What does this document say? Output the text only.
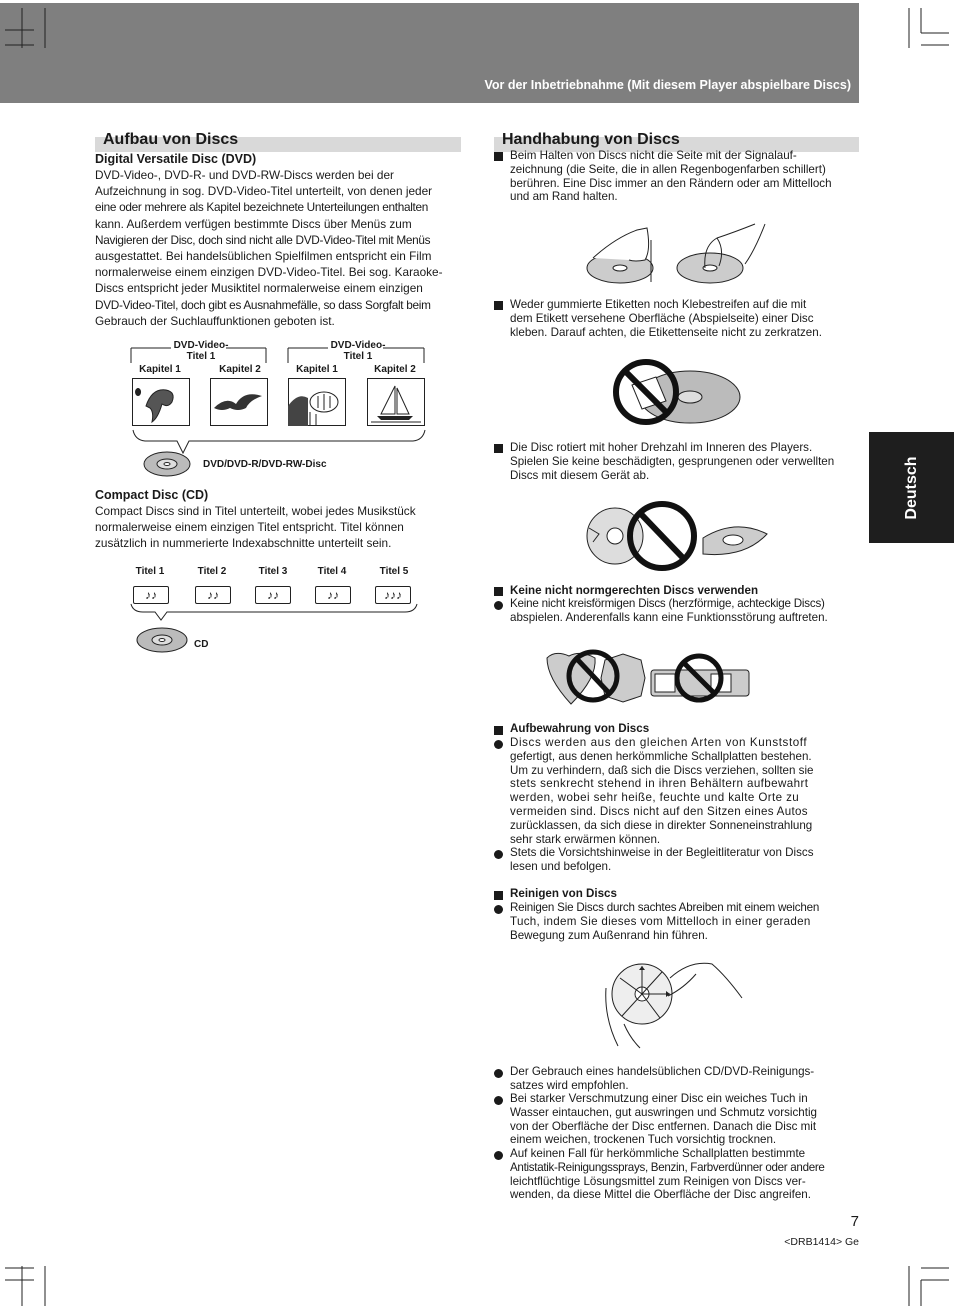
Vor der Inbetriebnahme (Mit diesem Player abspielbare Discs)
Deutsch
Aufbau von Discs
Digital Versatile Disc (DVD)
DVD-Video-, DVD-R- und DVD-RW-Discs werden bei der
Aufzeichnung in sog. DVD-Video-Titel unterteilt, von denen jeder
eine oder mehrere als Kapitel bezeichnete Unterteilungen enthalten
kann. Außerdem verfügen bestimmte Discs über Menüs zum
Navigieren der Disc, doch sind nicht alle DVD-Video-Titel mit Menüs
ausgestattet. Bei handelsüblichen Spielfilmen entspricht ein Film
normalerweise einem einzigen DVD-Video-Titel. Bei sog. Karaoke-
Discs entspricht jeder Musiktitel normalerweise einem einzigen
DVD-Video-Titel, doch gibt es Ausnahmefälle, so dass Sorgfalt beim
Gebrauch der Suchlauffunktionen geboten ist.
DVD-Video-
Titel 1
DVD-Video-
Titel 1
Kapitel 1	Kapitel 2	Kapitel 1	Kapitel 2
DVD/DVD-R/DVD-RW-Disc
Compact Disc (CD)
Compact Discs sind in Titel unterteilt, wobei jedes Musikstück
normalerweise einem einzigen Titel entspricht. Titel können
zusätzlich in nummerierte Indexabschnitte unterteilt sein.
Titel 1	Titel 2	Titel 3	Titel 4	Titel 5
♪♪	♪♪	♪♪	♪♪	♪♪♪
CD
Handhabung von Discs
Beim Halten von Discs nicht die Seite mit der Signalauf-
zeichnung (die Seite, die in allen Regenbogenfarben schillert)
berühren. Eine Disc immer an den Rändern oder am Mittelloch
und am Rand halten.
Weder gummierte Etiketten noch Klebestreifen auf die mit
dem Etikett versehene Oberfläche (Abspielseite) einer Disc
kleben. Darauf achten, die Etikettenseite nicht zu zerkratzen.
Die Disc rotiert mit hoher Drehzahl im Inneren des Players.
Spielen Sie keine beschädigten, gesprungenen oder verwellten
Discs mit diesem Gerät ab.
Keine nicht normgerechten Discs verwenden
Keine nicht kreisförmigen Discs (herzförmige, achteckige Discs)
abspielen. Anderenfalls kann eine Funktionsstörung auftreten.
Aufbewahrung von Discs
Discs werden aus den gleichen Arten von Kunststoff
gefertigt, aus denen herkömmliche Schallplatten bestehen.
Um zu verhindern, daß sich die Discs verziehen, sollten sie
stets senkrecht stehend in ihren Behältern aufbewahrt
werden, wobei sehr heiße, feuchte und kalte Orte zu
vermeiden sind. Discs nicht auf den Sitzen eines Autos
zurücklassen, da sich diese in direkter Sonneneinstrahlung
sehr stark erwärmen können.
Stets die Vorsichtshinweise in der Begleitliteratur von Discs
lesen und befolgen.
Reinigen von Discs
Reinigen Sie Discs durch sachtes Abreiben mit einem weichen
Tuch, indem Sie dieses vom Mittelloch in einer geraden
Bewegung zum Außenrand hin führen.
Der Gebrauch eines handelsüblichen CD/DVD-Reinigungs-
satzes wird empfohlen.
Bei starker Verschmutzung einer Disc ein weiches Tuch in
Wasser eintauchen, gut auswringen und Schmutz vorsichtig
von der Oberfläche der Disc entfernen. Danach die Disc mit
einem weichen, trockenen Tuch vorsichtig trocknen.
Auf keinen Fall für herkömmliche Schallplatten bestimmte
Antistatik-Reinigungssprays, Benzin, Farbverdünner oder andere
leichtflüchtige Lösungsmittel zum Reinigen von Discs ver-
wenden, da diese Mittel die Oberfläche der Disc angreifen.
7
<DRB1414> Ge
